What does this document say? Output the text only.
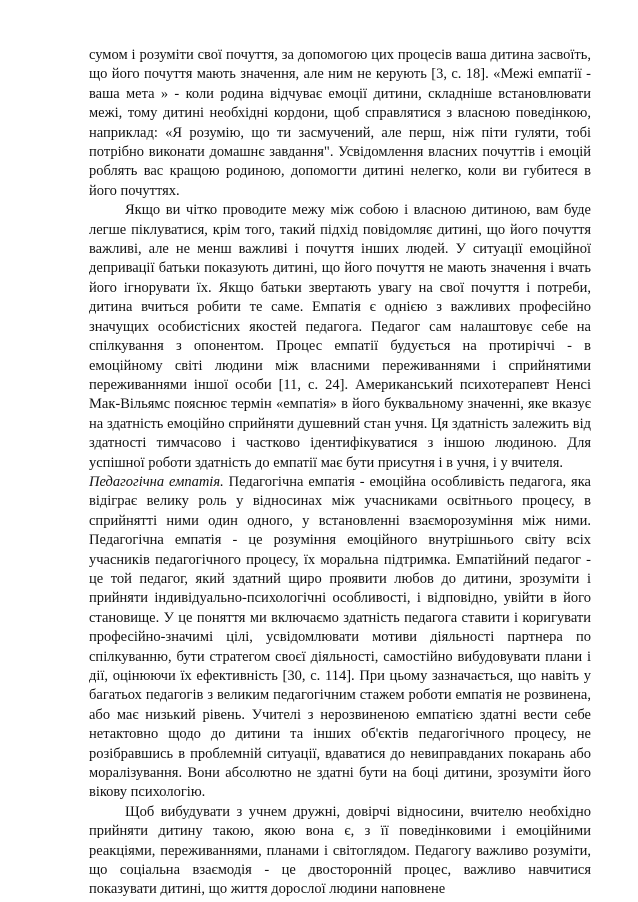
сумом і розуміти свої почуття, за допомогою цих процесів ваша дитина засвоїть, що його почуття мають значення, але ним не керують [3, с. 18]. «Межі емпатії - ваша мета » - коли родина відчуває емоції дитини, складніше встановлювати межі, тому дитині необхідні кордони, щоб справлятися з власною поведінкою, наприклад: «Я розумію, що ти засмучений, але перш, ніж піти гуляти, тобі потрібно виконати домашнє завдання". Усвідомлення власних почуттів і емоцій роблять вас кращою родиною, допомогти дитині нелегко, коли ви губитеся в його почуттях.

Якщо ви чітко проводите межу між собою і власною дитиною, вам буде легше піклуватися, крім того, такий підхід повідомляє дитині, що його почуття важливі, але не менш важливі і почуття інших людей. У ситуації емоційної депривації батьки показують дитині, що його почуття не мають значення і вчать його ігнорувати їх. Якщо батьки звертають увагу на свої почуття і потреби, дитина вчиться робити те саме. Емпатія є однією з важливих професійно значущих особистісних якостей педагога. Педагог сам налаштовує себе на спілкування з опонентом. Процес емпатії будується на протиріччі - в емоційному світі людини між власними переживаннями і сприйнятими переживаннями іншої особи [11, с. 24]. Американський психотерапевт Ненсі Мак-Вільямс пояснює термін «емпатія» в його буквальному значенні, яке вказує на здатність емоційно сприйняти душевний стан учня. Ця здатність залежить від здатності тимчасово і частково ідентифікуватися з іншою людиною. Для успішної роботи здатність до емпатії має бути присутня і в учня, і у вчителя.

Педагогічна емпатія. Педагогічна емпатія - емоційна особливість педагога, яка відіграє велику роль у відносинах між учасниками освітнього процесу, в сприйнятті ними один одного, у встановленні взаєморозуміння між ними. Педагогічна емпатія - це розуміння емоційного внутрішнього світу всіх учасників педагогічного процесу, їх моральна підтримка. Емпатійний педагог - це той педагог, який здатний щиро проявити любов до дитини, зрозуміти і прийняти індивідуально-психологічні особливості, і відповідно, увійти в його становище. У це поняття ми включаємо здатність педагога ставити і коригувати професійно-значимі цілі, усвідомлювати мотиви діяльності партнера по спілкуванню, бути стратегом своєї діяльності, самостійно вибудовувати плани і дії, оцінюючи їх ефективність [30, с. 114]. При цьому зазначається, що навіть у багатьох педагогів з великим педагогічним стажем роботи емпатія не розвинена, або має низький рівень. Учителі з нерозвиненою емпатією здатні вести себе нетактовно щодо до дитини та інших об'єктів педагогічного процесу, не розібравшись в проблемній ситуації, вдаватися до невиправданих покарань або моралізування. Вони абсолютно не здатні бути на боці дитини, зрозуміти його вікову психологію.

Щоб вибудувати з учнем дружні, довірчі відносини, вчителю необхідно прийняти дитину такою, якою вона є, з її поведінковими і емоційними реакціями, переживаннями, планами і світоглядом. Педагогу важливо розуміти, що соціальна взаємодія - це двосторонній процес, важливо навчитися показувати дитині, що життя дорослої людини наповнене
